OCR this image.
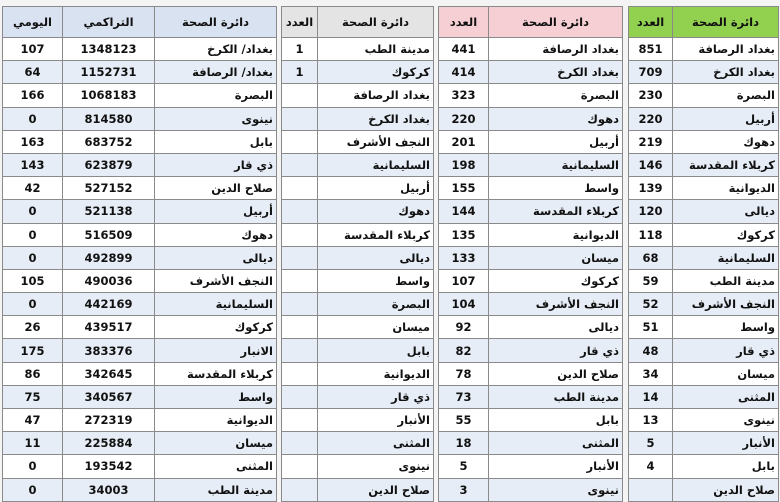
اليومي	التراكمي	دائرة الصحة
107	1348123	بغداد/ الكرخ
64	1152731	بغداد/ الرصافة
166	1068183	البصرة
0	814580	نينوى
163	683752	بابل
143	623879	ذي قار
42	527152	صلاح الدين
0	521138	أربيل
0	516509	دهوك
0	492899	ديالى
105	490036	النجف الأشرف
0	442169	السليمانية
26	439517	كركوك
175	383376	الانبار
86	342645	كربلاء المقدسة
75	340567	واسط
47	272319	الديوانية
11	225884	ميسان
0	193542	المثنى
0	34003	مدينة الطب
العدد	دائرة الصحة
1	مدينة الطب
1	كركوك
	بغداد الرصافة
	بغداد الكرخ
	النجف الأشرف
	السليمانية
	أربيل
	دهوك
	كربلاء المقدسة
	ديالى
	واسط
	البصرة
	ميسان
	بابل
	الديوانية
	ذي قار
	الأنبار
	المثنى
	نينوى
	صلاح الدين
العدد	دائرة الصحة
441	بغداد الرصافة
414	بغداد الكرخ
323	البصرة
220	دهوك
201	أربيل
198	السليمانية
155	واسط
144	كربلاء المقدسة
135	الديوانية
133	ميسان
107	كركوك
104	النجف الأشرف
92	ديالى
82	ذي قار
78	صلاح الدين
73	مدينة الطب
55	بابل
18	المثنى
5	الأنبار
3	نينوى
العدد	دائرة الصحة
851	بغداد الرصافة
709	بغداد الكرخ
230	البصرة
220	أربيل
219	دهوك
146	كربلاء المقدسة
139	الديوانية
120	ديالى
118	كركوك
68	السليمانية
59	مدينة الطب
52	النجف الأشرف
51	واسط
48	ذي قار
34	ميسان
14	المثنى
13	نينوى
5	الأنبار
4	بابل
	صلاح الدين
